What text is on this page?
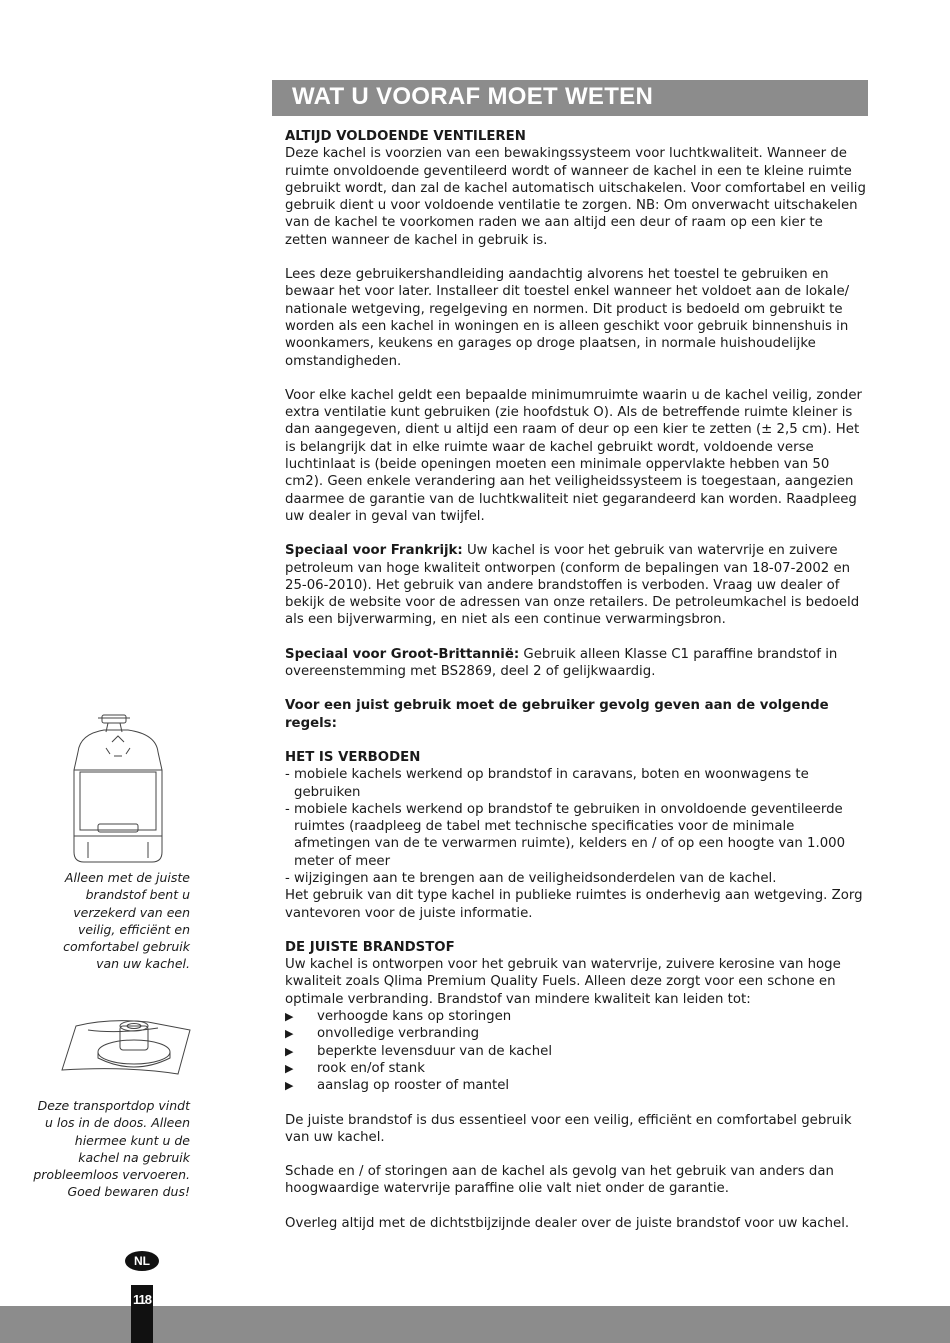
WAT U VOORAF MOET WETEN

ALTIJD VOLDOENDE VENTILEREN

Deze kachel is voorzien van een bewakingssysteem voor luchtkwaliteit. Wanneer de ruimte onvoldoende geventileerd wordt of wanneer de kachel in een te kleine ruimte gebruikt wordt, dan zal de kachel automatisch uitschakelen. Voor comfortabel en veilig gebruik dient u voor voldoende ventilatie te zorgen. NB: Om onverwacht uitschakelen van de kachel te voorkomen raden we aan altijd een deur of raam op een kier te zetten wanneer de kachel in gebruik is.

Lees deze gebruikershandleiding aandachtig alvorens het toestel te gebruiken en bewaar het voor later. Installeer dit toestel enkel wanneer het voldoet aan de lokale/ nationale wetgeving, regelgeving en normen. Dit product is bedoeld om gebruikt te worden als een kachel in woningen en is alleen geschikt voor gebruik binnenshuis in woonkamers, keukens en garages op droge plaatsen, in normale huishoudelijke omstandigheden.

Voor elke kachel geldt een bepaalde minimumruimte waarin u de kachel veilig, zonder extra ventilatie kunt gebruiken (zie hoofdstuk O). Als de betreffende ruimte kleiner is dan aangegeven, dient u altijd een raam of deur op een kier te zetten (± 2,5 cm). Het is belangrijk dat in elke ruimte waar de kachel gebruikt wordt, voldoende verse luchtinlaat is (beide openingen moeten een minimale oppervlakte hebben van 50 cm2). Geen enkele verandering aan het veiligheidssysteem is toegestaan, aangezien daarmee de garantie van de luchtkwaliteit niet gegarandeerd kan worden. Raadpleeg uw dealer in geval van twijfel.

Speciaal voor Frankrijk: Uw kachel is voor het gebruik van watervrije en zuivere petroleum van hoge kwaliteit ontworpen (conform de bepalingen van 18-07-2002 en 25-06-2010). Het gebruik van andere brandstoffen is verboden. Vraag uw dealer of bekijk de website voor de adressen van onze retailers. De petroleumkachel is bedoeld als een bijverwarming, en niet als een continue verwarmingsbron.

Speciaal voor Groot-Brittannië: Gebruik alleen Klasse C1 paraffine brandstof in overeenstemming met BS2869, deel 2 of gelijkwaardig.

Voor een juist gebruik moet de gebruiker gevolg geven aan de volgende regels:

HET IS VERBODEN

- mobiele kachels werkend op brandstof in caravans, boten en woonwagens te gebruiken

- mobiele kachels werkend op brandstof te gebruiken in onvoldoende geventileerde ruimtes (raadpleeg de tabel met technische specificaties voor de minimale afmetingen van de te verwarmen ruimte), kelders en / of op een hoogte van 1.000 meter of meer

- wijzigingen aan te brengen aan de veiligheidsonderdelen van de kachel.

Het gebruik van dit type kachel in publieke ruimtes is onderhevig aan wetgeving. Zorg vantevoren voor de juiste informatie.

DE JUISTE BRANDSTOF

Uw kachel is ontworpen voor het gebruik van watervrije, zuivere kerosine van hoge kwaliteit zoals Qlima Premium Quality Fuels. Alleen deze zorgt voor een schone en optimale verbranding. Brandstof van mindere kwaliteit kan leiden tot:

▶	verhoogde kans op storingen
▶	onvolledige verbranding
▶	beperkte levensduur van de kachel
▶	rook en/of stank
▶	aanslag op rooster of mantel

De juiste brandstof is dus essentieel voor een veilig, efficiënt en comfortabel gebruik van uw kachel.

Schade en / of storingen aan de kachel als gevolg van het gebruik van anders dan hoogwaardige watervrije paraffine olie valt niet onder de garantie.

Overleg altijd met de dichtstbijzijnde dealer over de juiste brandstof voor uw kachel.

Alleen met de juiste brandstof bent u verzekerd van een veilig, efficiënt en comfortabel gebruik van uw kachel.
Deze transportdop vindt u los in de doos. Alleen hiermee kunt u de kachel na gebruik probleemloos vervoeren. Goed bewaren dus!
NL
118
